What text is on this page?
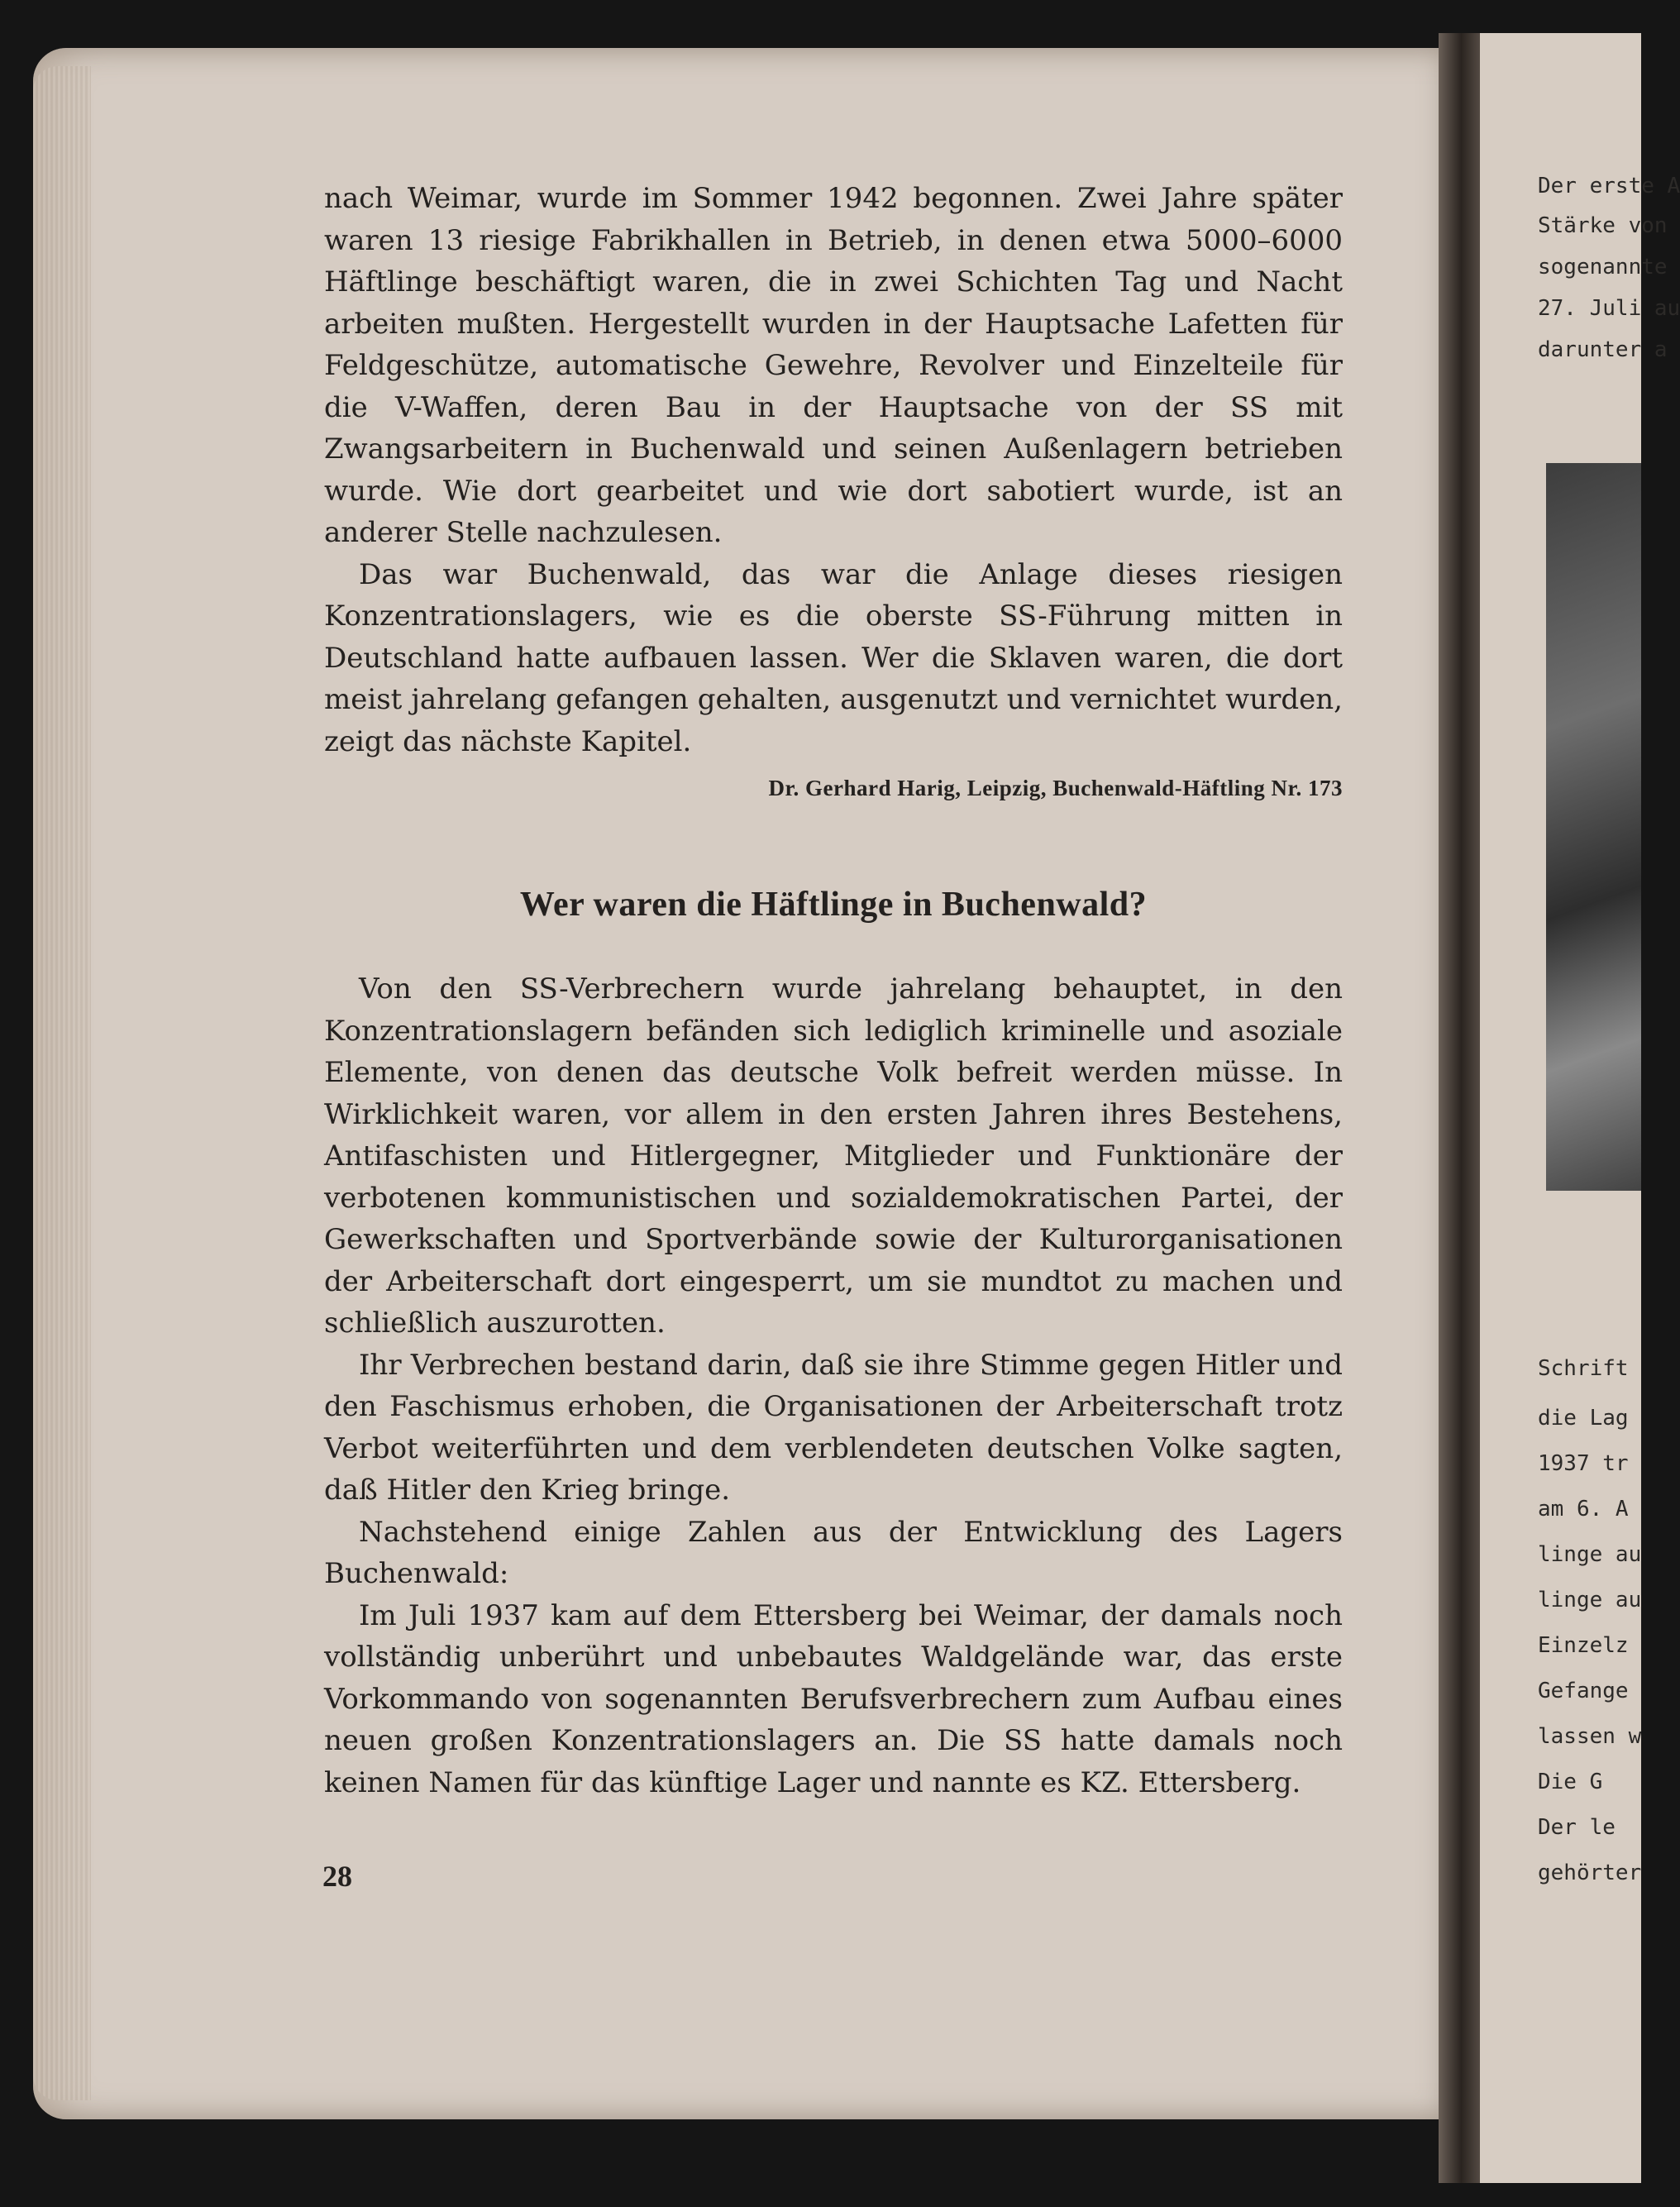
Der erste A
Stärke von
sogenannte
27. Juli au
darunter a
Schrift
die Lag
1937 tr
am 6. A
linge au
linge au
Einzelz
Gefange
lassen w
Die G
Der le
gehörter

nach Weimar, wurde im Sommer 1942 begonnen. Zwei Jahre später waren 13 riesige Fabrikhallen in Betrieb, in denen etwa 5000–6000 Häftlinge beschäftigt waren, die in zwei Schichten Tag und Nacht arbeiten mußten. Hergestellt wurden in der Hauptsache Lafetten für Feldgeschütze, automatische Gewehre, Revolver und Einzelteile für die V-Waffen, deren Bau in der Hauptsache von der SS mit Zwangsarbeitern in Buchenwald und seinen Außenlagern betrieben wurde. Wie dort gearbeitet und wie dort sabotiert wurde, ist an anderer Stelle nachzulesen.

Das war Buchenwald, das war die Anlage dieses riesigen Konzentrationslagers, wie es die oberste SS-Führung mitten in Deutschland hatte aufbauen lassen. Wer die Sklaven waren, die dort meist jahrelang gefangen gehalten, ausgenutzt und vernichtet wurden, zeigt das nächste Kapitel.

Dr. Gerhard Harig, Leipzig, Buchenwald-Häftling Nr. 173
Wer waren die Häftlinge in Buchenwald?

Von den SS-Verbrechern wurde jahrelang behauptet, in den Konzentrationslagern befänden sich lediglich kriminelle und asoziale Elemente, von denen das deutsche Volk befreit werden müsse. In Wirklichkeit waren, vor allem in den ersten Jahren ihres Bestehens, Antifaschisten und Hitlergegner, Mitglieder und Funktionäre der verbotenen kommunistischen und sozialdemokratischen Partei, der Gewerkschaften und Sportverbände sowie der Kulturorganisationen der Arbeiterschaft dort eingesperrt, um sie mundtot zu machen und schließlich auszurotten.

Ihr Verbrechen bestand darin, daß sie ihre Stimme gegen Hitler und den Faschismus erhoben, die Organisationen der Arbeiterschaft trotz Verbot weiterführten und dem verblendeten deutschen Volke sagten, daß Hitler den Krieg bringe.

Nachstehend einige Zahlen aus der Entwicklung des Lagers Buchenwald:

Im Juli 1937 kam auf dem Ettersberg bei Weimar, der damals noch vollständig unberührt und unbebautes Waldgelände war, das erste Vorkommando von sogenannten Berufsverbrechern zum Aufbau eines neuen großen Konzentrationslagers an. Die SS hatte damals noch keinen Namen für das künftige Lager und nannte es KZ. Ettersberg.

28
